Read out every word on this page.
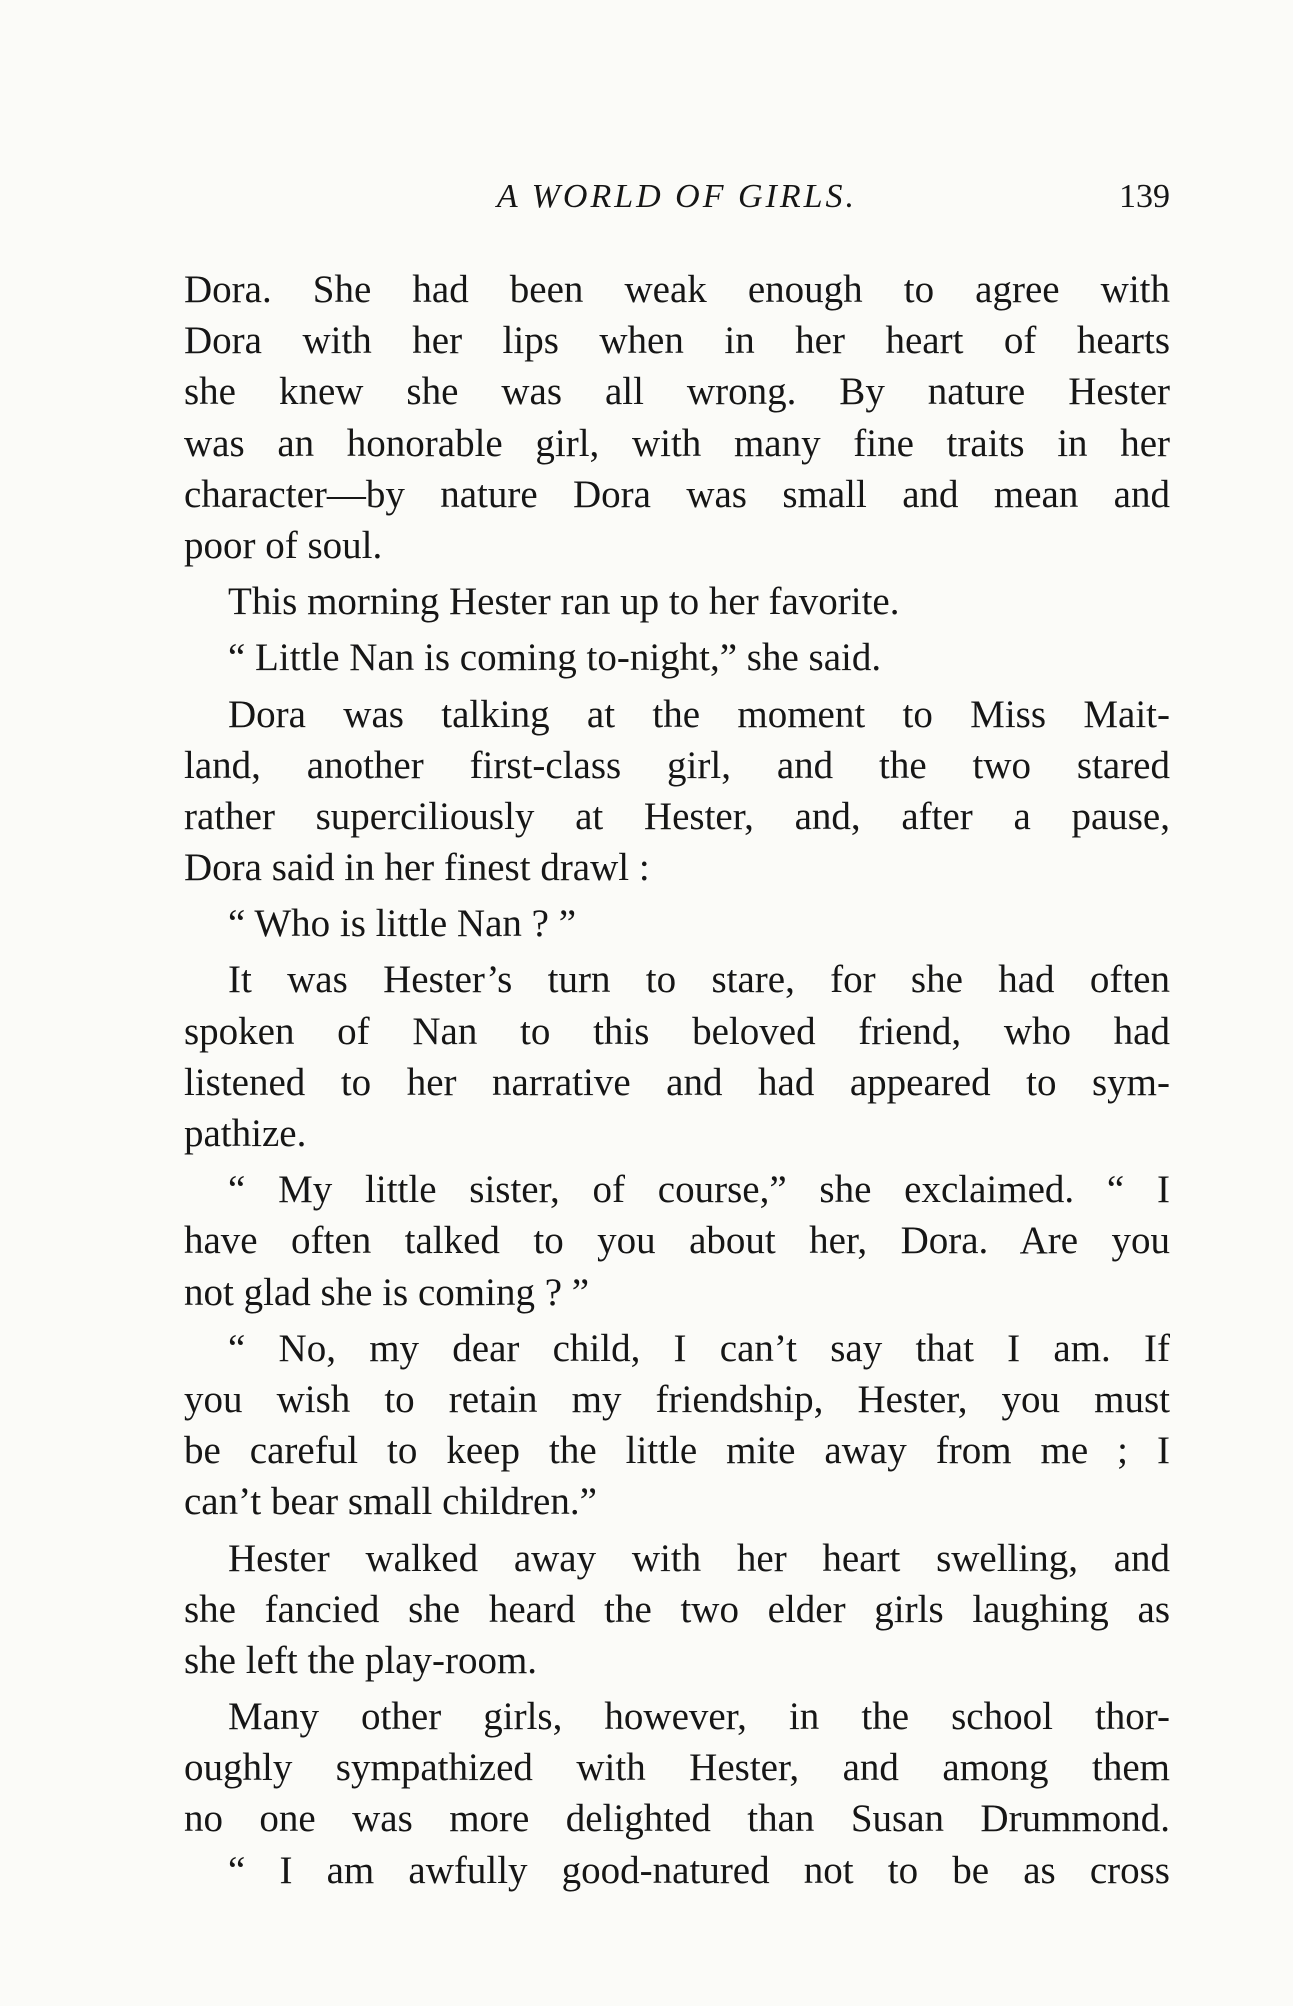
A WORLD OF GIRLS.	139
Dora. She had been weak enough to agree with
Dora with her lips when in her heart of hearts
she knew she was all wrong. By nature Hester
was an honorable girl, with many fine traits in her
character—by nature Dora was small and mean and
poor of soul.
This morning Hester ran up to her favorite.
“ Little Nan is coming to-night,” she said.
Dora was talking at the moment to Miss Mait-
land, another first-class girl, and the two stared
rather superciliously at Hester, and, after a pause,
Dora said in her finest drawl :
“ Who is little Nan ? ”
It was Hester’s turn to stare, for she had often
spoken of Nan to this beloved friend, who had
listened to her narrative and had appeared to sym-
pathize.
“ My little sister, of course,” she exclaimed. “ I
have often talked to you about her, Dora. Are you
not glad she is coming ? ”
“ No, my dear child, I can’t say that I am. If
you wish to retain my friendship, Hester, you must
be careful to keep the little mite away from me ; I
can’t bear small children.”
Hester walked away with her heart swelling, and
she fancied she heard the two elder girls laughing as
she left the play-room.
Many other girls, however, in the school thor-
oughly sympathized with Hester, and among them
no one was more delighted than Susan Drummond.
“ I am awfully good-natured not to be as cross
